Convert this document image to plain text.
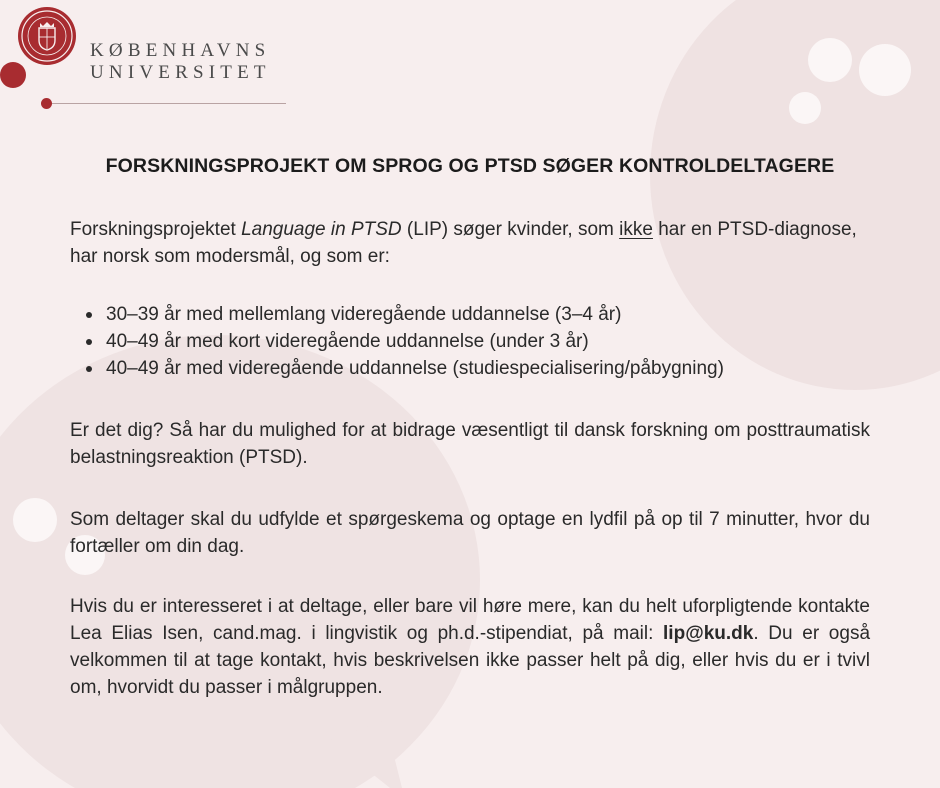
KØBENHAVNS
UNIVERSITET
FORSKNINGSPROJEKT OM SPROG OG PTSD SØGER KONTROLDELTAGERE
Forskningsprojektet Language in PTSD (LIP) søger kvinder, som ikke har en PTSD-diagnose, har norsk som modersmål, og som er:
30–39 år med mellemlang videregående uddannelse (3–4 år)
40–49 år med kort videregående uddannelse (under 3 år)
40–49 år med videregående uddannelse (studiespecialisering/påbygning)
Er det dig? Så har du mulighed for at bidrage væsentligt til dansk forskning om posttraumatisk belastningsreaktion (PTSD).
Som deltager skal du udfylde et spørgeskema og optage en lydfil på op til 7 minutter, hvor du fortæller om din dag.
Hvis du er interesseret i at deltage, eller bare vil høre mere, kan du helt uforpligtende kontakte Lea Elias Isen, cand.mag. i lingvistik og ph.d.-stipendiat, på mail: lip@ku.dk. Du er også velkommen til at tage kontakt, hvis beskrivelsen ikke passer helt på dig, eller hvis du er i tvivl om, hvorvidt du passer i målgruppen.
